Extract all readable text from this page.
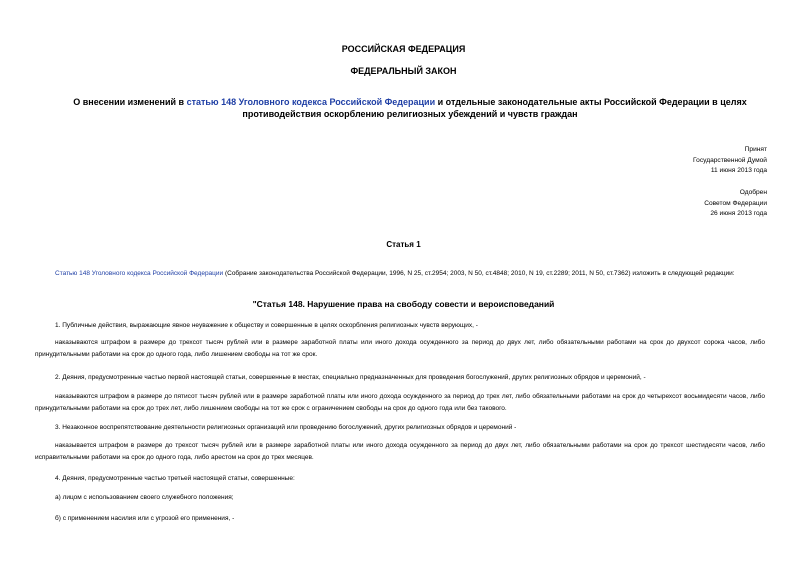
РОССИЙСКАЯ ФЕДЕРАЦИЯ
ФЕДЕРАЛЬНЫЙ ЗАКОН
О внесении изменений в статью 148 Уголовного кодекса Российской Федерации и отдельные законодательные акты Российской Федерации в целях противодействия оскорблению религиозных убеждений и чувств граждан
Принят
Государственной Думой
11 июня 2013 года
Одобрен
Советом Федерации
26 июня 2013 года
Статья 1
Статью 148 Уголовного кодекса Российской Федерации (Собрание законодательства Российской Федерации, 1996, N 25, ст.2954; 2003, N 50, ст.4848; 2010, N 19, ст.2289; 2011, N 50, ст.7362) изложить в следующей редакции:
"Статья 148. Нарушение права на свободу совести и вероисповеданий
1. Публичные действия, выражающие явное неуважение к обществу и совершенные в целях оскорбления религиозных чувств верующих, -
наказываются штрафом в размере до трехсот тысяч рублей или в размере заработной платы или иного дохода осужденного за период до двух лет, либо обязательными работами на срок до двухсот сорока часов, либо принудительными работами на срок до одного года, либо лишением свободы на тот же срок.
2. Деяния, предусмотренные частью первой настоящей статьи, совершенные в местах, специально предназначенных для проведения богослужений, других религиозных обрядов и церемоний, -
наказываются штрафом в размере до пятисот тысяч рублей или в размере заработной платы или иного дохода осужденного за период до трех лет, либо обязательными работами на срок до четырехсот восьмидесяти часов, либо принудительными работами на срок до трех лет, либо лишением свободы на тот же срок с ограничением свободы на срок до одного года или без такового.
3. Незаконное воспрепятствование деятельности религиозных организаций или проведению богослужений, других религиозных обрядов и церемоний -
наказывается штрафом в размере до трехсот тысяч рублей или в размере заработной платы или иного дохода осужденного за период до двух лет, либо обязательными работами на срок до трехсот шестидесяти часов, либо исправительными работами на срок до одного года, либо арестом на срок до трех месяцев.
4. Деяния, предусмотренные частью третьей настоящей статьи, совершенные:
а) лицом с использованием своего служебного положения;
б) с применением насилия или с угрозой его применения, -
